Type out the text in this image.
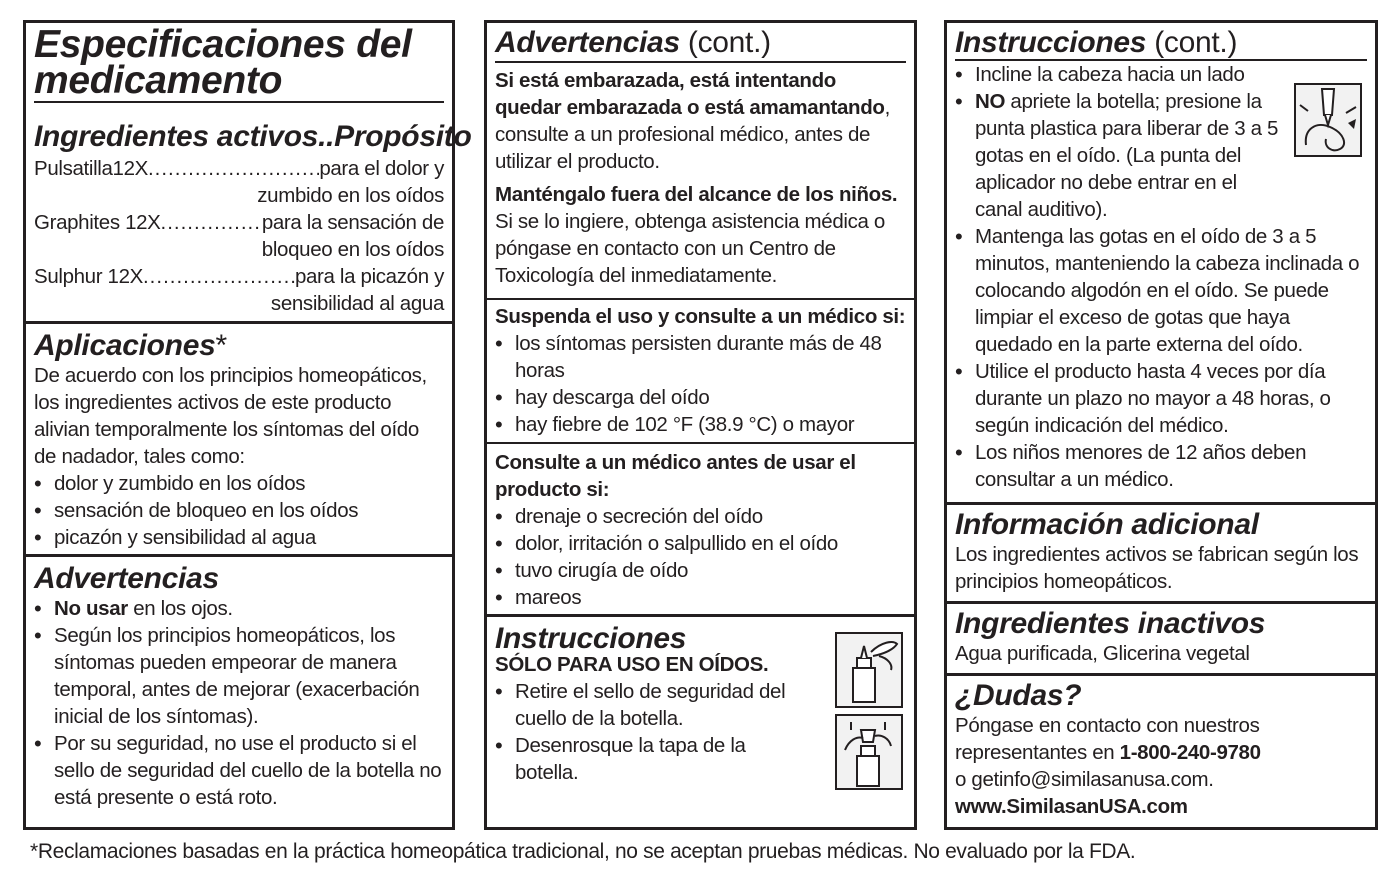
Especificaciones del
medicamento
Ingredientes activos.. Propósito
Pulsatilla12X .....	para el dolor y
zumbido en los oídos
Graphites 12X .....	para la sensación de
bloqueo en los oídos
Sulphur 12X .....	para la picazón y
sensibilidad al agua
Aplicaciones*
De acuerdo con los principios homeopáticos, los ingredientes activos de este producto alivian temporalmente los síntomas del oído de nadador, tales como:
• dolor y zumbido en los oídos
• sensación de bloqueo en los oídos
• picazón y sensibilidad al agua
Advertencias
• No usar en los ojos.
• Según los principios homeopáticos, los síntomas pueden empeorar de manera temporal, antes de mejorar (exacerbación inicial de los síntomas).
• Por su seguridad, no use el producto si el sello de seguridad del cuello de la botella no está presente o está roto.
Advertencias (cont.)
Si está embarazada, está intentando quedar embarazada o está amamantando, consulte a un profesional médico, antes de utilizar el producto.
Manténgalo fuera del alcance de los niños. Si se lo ingiere, obtenga asistencia médica o póngase en contacto con un Centro de Toxicología del inmediatamente.
Suspenda el uso y consulte a un médico si:
• los síntomas persisten durante más de 48 horas
• hay descarga del oído
• hay fiebre de 102 °F (38.9 °C) o mayor
Consulte a un médico antes de usar el producto si:
• drenaje o secreción del oído
• dolor, irritación o salpullido en el oído
• tuvo cirugía de oído
• mareos
Instrucciones
SÓLO PARA USO EN OÍDOS.
• Retire el sello de seguridad del cuello de la botella.
• Desenrosque la tapa de la botella.
Instrucciones (cont.)
• Incline la cabeza hacia un lado
• NO apriete la botella; presione la punta plastica para liberar de 3 a 5 gotas en el oído. (La punta del aplicador no debe entrar en el canal auditivo).
• Mantenga las gotas en el oído de 3 a 5 minutos, manteniendo la cabeza inclinada o colocando algodón en el oído. Se puede limpiar el exceso de gotas que haya quedado en la parte externa del oído.
• Utilice el producto hasta 4 veces por día durante un plazo no mayor a 48 horas, o según indicación del médico.
• Los niños menores de 12 años deben consultar a un médico.
Información adicional
Los ingredientes activos se fabrican según los principios homeopáticos.
Ingredientes inactivos
Agua purificada, Glicerina vegetal
¿Dudas?
Póngase en contacto con nuestros representantes en 1-800-240-9780
o getinfo@similasanusa.com.
www.SimilasanUSA.com
*Reclamaciones basadas en la práctica homeopática tradicional, no se aceptan pruebas médicas. No evaluado por la FDA.
